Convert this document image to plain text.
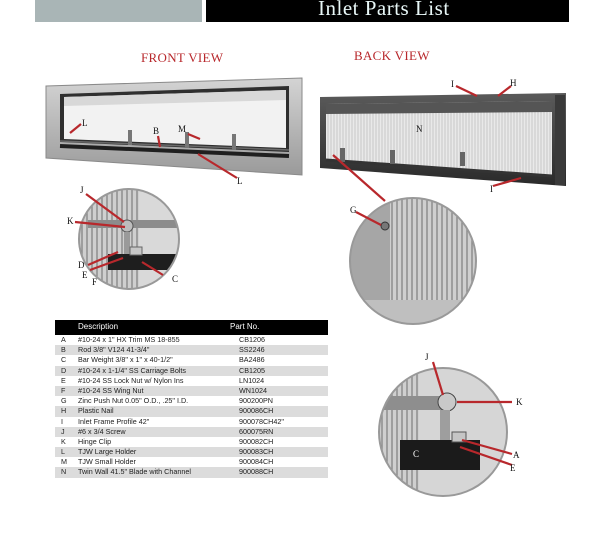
Inlet Parts List
FRONT VIEW	BACK VIEW
L
B M
L
J
K
D
E
F	C
I	H
N
I
G
J
K
C	A
E
Description	Part No.
A #10-24 x 1" HX Trim MS 18-855	CB1206
B Rod 3/8" V124 41-3/4"	SS2246
C Bar Weight 3/8" x 1" x 40-1/2"	BA2486
D #10-24 x 1-1/4" SS Carriage Bolts	CB1205
E #10-24 SS Lock Nut w/ Nylon Ins	LN1024
F #10-24 SS Wing Nut	WN1024
G Zinc Push Nut 0.05" O.D., .25" I.D.	900200PN
H Plastic Nail	900086CH
I Inlet Frame Profile 42"	900078CH42"
J #6 x 3/4 Screw	600075RN
K Hinge Clip	900082CH
L TJW Large Holder	900083CH
M TJW Small Holder	900084CH
N Twin Wall 41.5" Blade with Channel	900088CH
